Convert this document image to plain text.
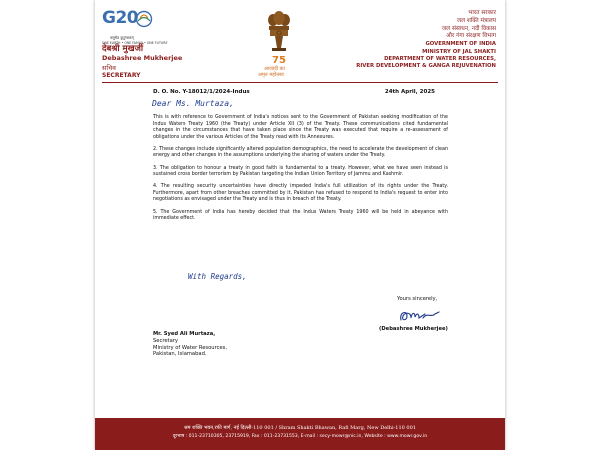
G20
वसुधैव कुटुम्बकम्
ONE EARTH • ONE FAMILY • ONE FUTURE
देबश्री मुखर्जी
Debashree Mukherjee
सचिव
SECRETARY
75
आज़ादी का
अमृत महोत्सव
भारत सरकार
जल शक्ति मंत्रालय
जल संसाधन, नदी विकास
और गंगा संरक्षण विभाग
GOVERNMENT OF INDIA
MINISTRY OF JAL SHAKTI
DEPARTMENT OF WATER RESOURCES,
RIVER DEVELOPMENT & GANGA REJUVENATION
D. O. No. Y-18012/1/2024-Indus	24th April, 2025
Dear Ms. Murtaza,

This is with reference to Government of India's notices sent to the Government of Pakistan seeking modification of the Indus Waters Treaty 1960 (the Treaty) under Article XII (3) of the Treaty. These communications cited fundamental changes in the circumstances that have taken place since the Treaty was executed that require a re-assessment of obligations under the various Articles of the Treaty read with its Annexures.

2. These changes include significantly altered population demographics, the need to accelerate the development of clean energy and other changes in the assumptions underlying the sharing of waters under the Treaty.

3. The obligation to honour a treaty in good faith is fundamental to a treaty. However, what we have seen instead is sustained cross border terrorism by Pakistan targeting the Indian Union Territory of Jammu and Kashmir.

4. The resulting security uncertainties have directly impeded India's full utilization of its rights under the Treaty. Furthermore, apart from other breaches committed by it, Pakistan has refused to respond to India's request to enter into negotiations as envisaged under the Treaty and is thus in breach of the Treaty.

5. The Government of India has hereby decided that the Indus Waters Treaty 1960 will be held in abeyance with immediate effect.

With Regards,
Yours sincerely,
(Debashree Mukherjee)
Mr. Syed Ali Murtaza,
Secretary
Ministry of Water Resources,
Pakistan, Islamabad.
श्रम शक्ति भवन,रफी मार्ग, नई दिल्ली-110 001 / Shram Shakti Bhawan, Rafi Marg, New Delhi-110 001
दूरभाष : 011-23710305, 23715919, Fax : 011-23731553, E-mail : secy-mowr@nic.in, Website : www.mowr.gov.in
